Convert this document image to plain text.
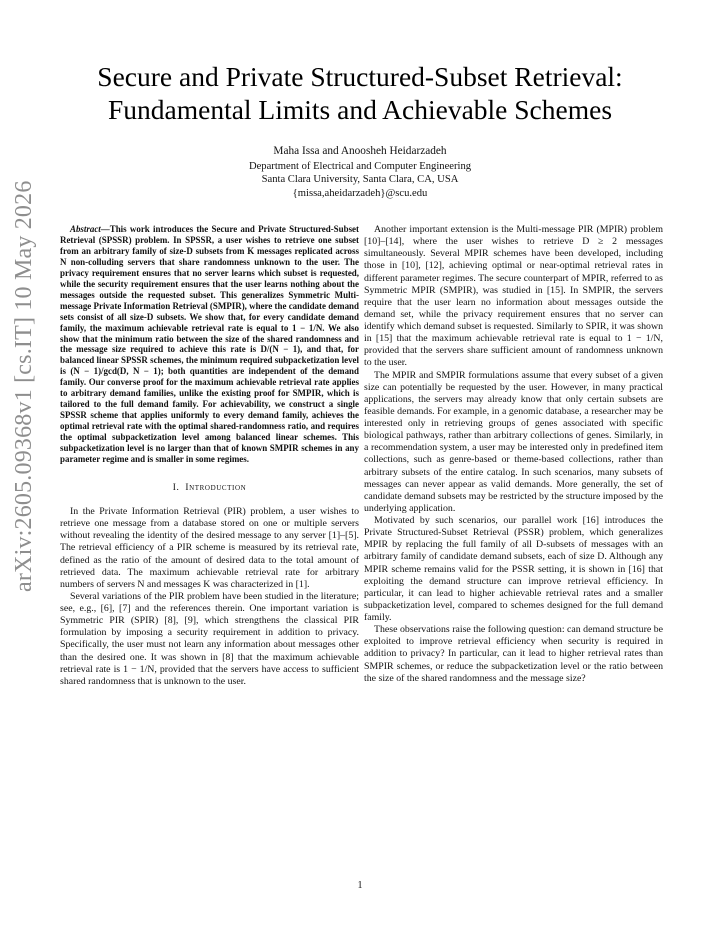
arXiv:2605.09368v1 [cs.IT] 10 May 2026
Secure and Private Structured-Subset Retrieval:
Fundamental Limits and Achievable Schemes
Maha Issa and Anoosheh Heidarzadeh
Department of Electrical and Computer Engineering
Santa Clara University, Santa Clara, CA, USA
{missa,aheidarzadeh}@scu.edu

Abstract—This work introduces the Secure and Private Structured-Subset Retrieval (SPSSR) problem. In SPSSR, a user wishes to retrieve one subset from an arbitrary family of size-D subsets from K messages replicated across N non-colluding servers that share randomness unknown to the user. The privacy requirement ensures that no server learns which subset is requested, while the security requirement ensures that the user learns nothing about the messages outside the requested subset. This generalizes Symmetric Multi-message Private Information Retrieval (SMPIR), where the candidate demand sets consist of all size-D subsets. We show that, for every candidate demand family, the maximum achievable retrieval rate is equal to 1 − 1/N. We also show that the minimum ratio between the size of the shared randomness and the message size required to achieve this rate is D/(N − 1), and that, for balanced linear SPSSR schemes, the minimum required subpacketization level is (N − 1)/gcd(D, N − 1); both quantities are independent of the demand family. Our converse proof for the maximum achievable retrieval rate applies to arbitrary demand families, unlike the existing proof for SMPIR, which is tailored to the full demand family. For achievability, we construct a single SPSSR scheme that applies uniformly to every demand family, achieves the optimal retrieval rate with the optimal shared-randomness ratio, and requires the optimal subpacketization level among balanced linear schemes. This subpacketization level is no larger than that of known SMPIR schemes in any parameter regime and is smaller in some regimes.

I. Introduction

In the Private Information Retrieval (PIR) problem, a user wishes to retrieve one message from a database stored on one or multiple servers without revealing the identity of the desired message to any server [1]–[5]. The retrieval efficiency of a PIR scheme is measured by its retrieval rate, defined as the ratio of the amount of desired data to the total amount of retrieved data. The maximum achievable retrieval rate for arbitrary numbers of servers N and messages K was characterized in [1].

Several variations of the PIR problem have been studied in the literature; see, e.g., [6], [7] and the references therein. One important variation is Symmetric PIR (SPIR) [8], [9], which strengthens the classical PIR formulation by imposing a security requirement in addition to privacy. Specifically, the user must not learn any information about messages other than the desired one. It was shown in [8] that the maximum achievable retrieval rate is 1 − 1/N, provided that the servers have access to sufficient shared randomness that is unknown to the user.

Another important extension is the Multi-message PIR (MPIR) problem [10]–[14], where the user wishes to retrieve D ≥ 2 messages simultaneously. Several MPIR schemes have been developed, including those in [10], [12], achieving optimal or near-optimal retrieval rates in different parameter regimes. The secure counterpart of MPIR, referred to as Symmetric MPIR (SMPIR), was studied in [15]. In SMPIR, the servers require that the user learn no information about messages outside the demand set, while the privacy requirement ensures that no server can identify which demand subset is requested. Similarly to SPIR, it was shown in [15] that the maximum achievable retrieval rate is equal to 1 − 1/N, provided that the servers share sufficient amount of randomness unknown to the user.

The MPIR and SMPIR formulations assume that every subset of a given size can potentially be requested by the user. However, in many practical applications, the servers may already know that only certain subsets are feasible demands. For example, in a genomic database, a researcher may be interested only in retrieving groups of genes associated with specific biological pathways, rather than arbitrary collections of genes. Similarly, in a recommendation system, a user may be interested only in predefined item collections, such as genre-based or theme-based collections, rather than arbitrary subsets of the entire catalog. In such scenarios, many subsets of messages can never appear as valid demands. More generally, the set of candidate demand subsets may be restricted by the structure imposed by the underlying application.

Motivated by such scenarios, our parallel work [16] introduces the Private Structured-Subset Retrieval (PSSR) problem, which generalizes MPIR by replacing the full family of all D-subsets of messages with an arbitrary family of candidate demand subsets, each of size D. Although any MPIR scheme remains valid for the PSSR setting, it is shown in [16] that exploiting the demand structure can improve retrieval efficiency. In particular, it can lead to higher achievable retrieval rates and a smaller subpacketization level, compared to schemes designed for the full demand family.

These observations raise the following question: can demand structure be exploited to improve retrieval efficiency when security is required in addition to privacy? In particular, can it lead to higher retrieval rates than SMPIR schemes, or reduce the subpacketization level or the ratio between the size of the shared randomness and the message size?

1
